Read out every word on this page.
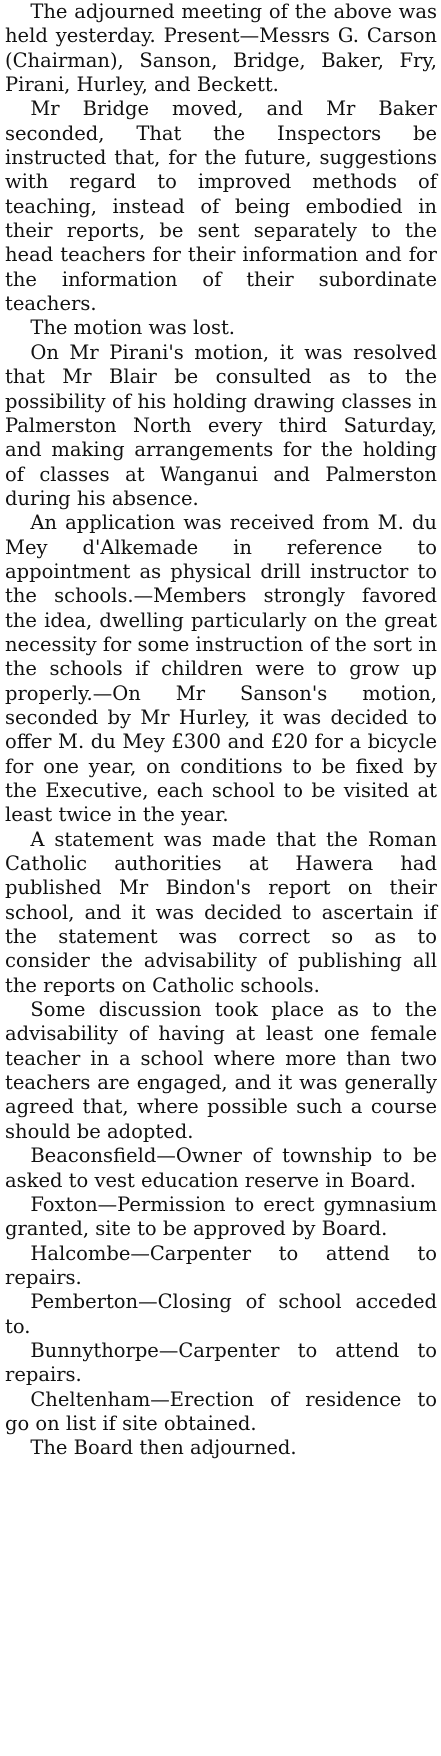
The adjourned meeting of the above was held yesterday. Present—Messrs G. Carson (Chairman), Sanson, Bridge, Baker, Fry, Pirani, Hurley, and Beckett.

Mr Bridge moved, and Mr Baker seconded, That the Inspectors be instructed that, for the future, suggestions with regard to improved methods of teaching, instead of being embodied in their reports, be sent separately to the head teachers for their information and for the information of their subordinate teachers.

The motion was lost.

On Mr Pirani's motion, it was resolved that Mr Blair be consulted as to the possibility of his holding drawing classes in Palmerston North every third Saturday, and making arrangements for the holding of classes at Wanganui and Palmerston during his absence.

An application was received from M. du Mey d'Alkemade in reference to appointment as physical drill instructor to the schools.—Members strongly favored the idea, dwelling particularly on the great necessity for some instruction of the sort in the schools if children were to grow up properly.—On Mr Sanson's motion, seconded by Mr Hurley, it was decided to offer M. du Mey £300 and £20 for a bicycle for one year, on conditions to be fixed by the Executive, each school to be visited at least twice in the year.

A statement was made that the Roman Catholic authorities at Hawera had published Mr Bindon's report on their school, and it was decided to ascertain if the statement was correct so as to consider the advisability of publishing all the reports on Catholic schools.

Some discussion took place as to the advisability of having at least one female teacher in a school where more than two teachers are engaged, and it was generally agreed that, where possible such a course should be adopted.

Beaconsfield—Owner of township to be asked to vest education reserve in Board.

Foxton—Permission to erect gymnasium granted, site to be approved by Board.

Halcombe—Carpenter to attend to repairs.

Pemberton—Closing of school acceded to.

Bunnythorpe—Carpenter to attend to repairs.

Cheltenham—Erection of residence to go on list if site obtained.

The Board then adjourned.
